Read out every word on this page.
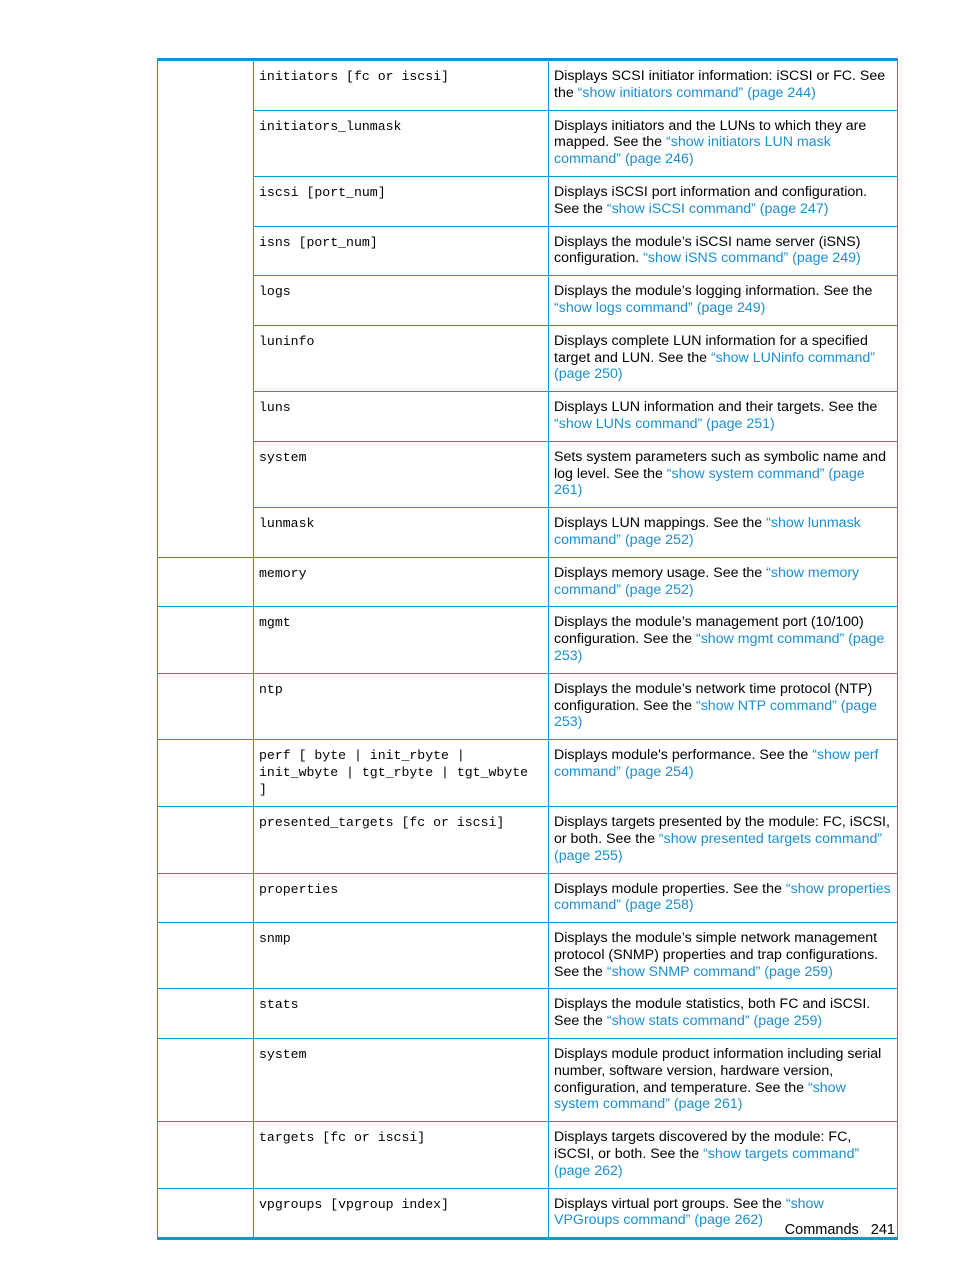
	initiators [fc or iscsi]	Displays SCSI initiator information: iSCSI or FC. See the “show initiators command” (page 244)
	initiators_lunmask	Displays initiators and the LUNs to which they are mapped. See the “show initiators LUN mask command” (page 246)
	iscsi [port_num]	Displays iSCSI port information and configuration. See the “show iSCSI command” (page 247)
	isns [port_num]	Displays the module’s iSCSI name server (iSNS) configuration. “show iSNS command” (page 249)
	logs	Displays the module’s logging information. See the “show logs command” (page 249)
	luninfo	Displays complete LUN information for a specified target and LUN. See the “show LUNinfo command” (page 250)
	luns	Displays LUN information and their targets. See the “show LUNs command” (page 251)
	system	Sets system parameters such as symbolic name and log level. See the “show system command” (page 261)
	lunmask	Displays LUN mappings. See the “show lunmask command” (page 252)
	memory	Displays memory usage. See the “show memory command” (page 252)
	mgmt	Displays the module’s management port (10/100) configuration. See the “show mgmt command” (page 253)
	ntp	Displays the module’s network time protocol (NTP) configuration. See the “show NTP command” (page 253)
	perf [ byte | init_rbyte | init_wbyte | tgt_rbyte | tgt_wbyte ]	Displays module's performance. See the “show perf command” (page 254)
	presented_targets [fc or iscsi]	Displays targets presented by the module: FC, iSCSI, or both. See the “show presented targets command” (page 255)
	properties	Displays module properties. See the “show properties command” (page 258)
	snmp	Displays the module’s simple network management protocol (SNMP) properties and trap configurations. See the “show SNMP command” (page 259)
	stats	Displays the module statistics, both FC and iSCSI. See the “show stats command” (page 259)
	system	Displays module product information including serial number, software version, hardware version, configuration, and temperature. See the “show system command” (page 261)
	targets [fc or iscsi]	Displays targets discovered by the module: FC, iSCSI, or both. See the “show targets command” (page 262)
	vpgroups [vpgroup index]	Displays virtual port groups. See the “show VPGroups command” (page 262)
Commands 241
